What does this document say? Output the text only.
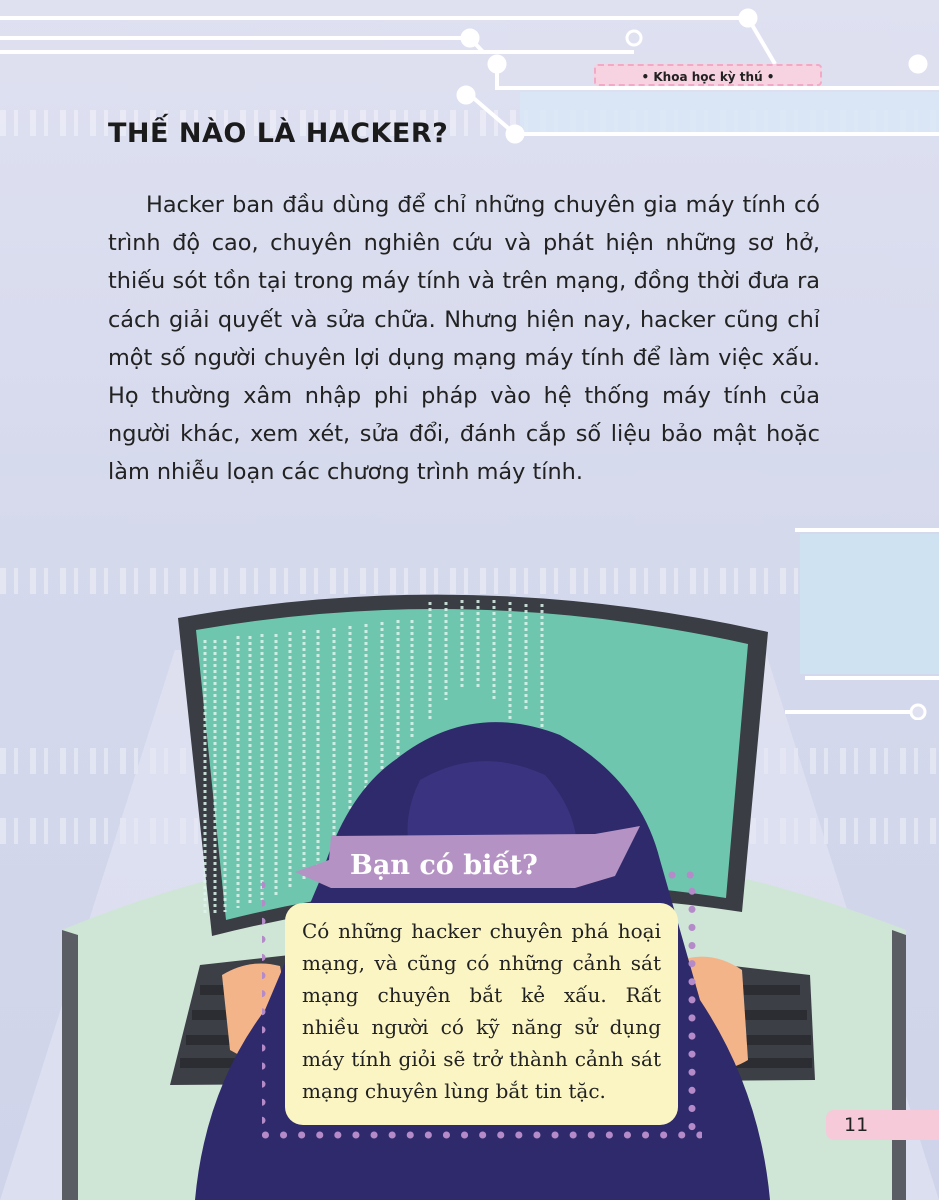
• Khoa học kỳ thú •
THẾ NÀO LÀ HACKER?

Hacker ban đầu dùng để chỉ những chuyên gia máy tính có trình độ cao, chuyên nghiên cứu và phát hiện những sơ hở, thiếu sót tồn tại trong máy tính và trên mạng, đồng thời đưa ra cách giải quyết và sửa chữa. Nhưng hiện nay, hacker cũng chỉ một số người chuyên lợi dụng mạng máy tính để làm việc xấu. Họ thường xâm nhập phi pháp vào hệ thống máy tính của người khác, xem xét, sửa đổi, đánh cắp số liệu bảo mật hoặc làm nhiễu loạn các chương trình máy tính.

Bạn có biết?

Có những hacker chuyên phá hoại mạng, và cũng có những cảnh sát mạng chuyên bắt kẻ xấu. Rất nhiều người có kỹ năng sử dụng máy tính giỏi sẽ trở thành cảnh sát mạng chuyên lùng bắt tin tặc.

11
